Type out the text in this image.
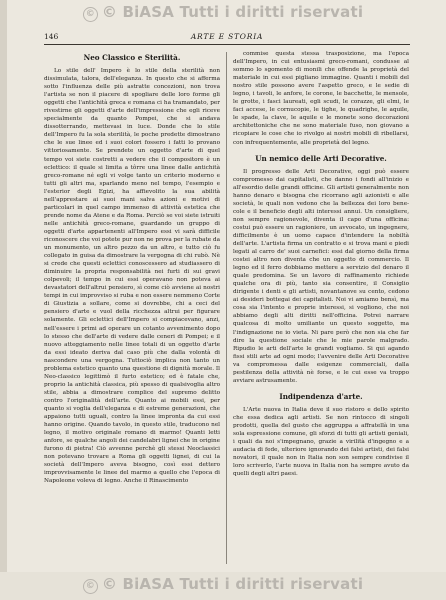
© © BiASA Tutti i diritti riservati
146	ARTE E STORIA
Neo Classico e Sterilità.

Lo stile dell' Impero è lo stile della sterilità non dissimulata, talora, dell'eleganza. In questo che si afferma sotto l'influenza delle più astratte concezioni, non trova l'artista se non il piacere di spogliare delle loro forme gli oggetti che l'antichità greca e romana ci ha tramandato, per rivestirne gli oggetti d'arte dell'impressione che egli riceve specialmente da quanto Pompei, che si andava dissotterrando, mettevasi in luce. Donde che lo stile dell'Impero fu la sola sterilità, le poche predette dimostrano che le sue linee ed i suoi colori fossero i fatti lo provano vittoriosamente. Se prendete un oggetto d'arte di quel tempo voi siete costretti a vedere che il compositore è un eclettico: il quale si limita a tôrre una linee dalle antichità greco-romane né egli vi volge tanto un criterio moderno e tutti gli altri ma, sparlando meno nel tempo, l'esempio e l'esterior degli Egizi, ha affievolito la sua abilità nell'apprestare ai suoi mani salva azioni e motivi di particolari in quel campo immenso di attività estetica che prende nome da Atene e da Roma. Perciò se voi siete istruiti nelle antichità greco-romane, guardando un gruppo di oggetti d'arte appartenenti all'Impero essi vi sarà difficile riconoscere che voi potete pur non ne prova per la rubate da un monumento, un altro pezzo da un altro, e tutto ciò fu collegato in guisa da dimostrare la vergogna di chi rubò. Nè si crede che questi eclettici conoscessero ad studiassero di diminuire la propria responsabilità nei furti di sui gravi colpevoli; il tempo in cui essi operavano non poteva ai devastatori dell'altrui pensiero, sì come ciò avviene ai nostri tempi in cui improvviso si ruba e non essere nemmeno Corte di Giustizia a sollare, come si dovrebbe, chi a ceci del pensiero d'arte e vuol della ricchezza altrui per figurare solamente. Gli eclettici dell'Impero si compiacevano, anzi, nell'essere i primi ad operare un cotanto avvenimento dopo lo stesso che dell'arte di vedere dalle ceneri di Pompei; e il nuovo atteggiamento nelle linee totali di un oggetto d'arte da essi ideato deriva dal caso più che dalla volontà di nascondere una vergogna. Tuttociò implica non tanto un problema estetico quanto una questione di dignità morale. Il Neo-classico legittimò il furto estetico; ed è fatale che, proprio la antichità classica, più spesso di qualsivoglia altro stile, abbia a dimostrare complice del supremo delitto contro l'originalità dell'arte. Quanto ai mobili essi, per quanto si voglia dell'eleganza e di estreme generazioni, che appaiono tutti uguali, contro la linee impronta da cui essi hanno origine. Quando tavolo, in questo stile, traducono nel legno, il motivo originale romano di marmo! Quanti letti anfore, se qualche angoli dei candelabri lignei che in origine furono di pietra! Ciò avvenne perchè gli stessi Neoclassici non potevano trovare a Roma gli oggetti lignei, di cui la società dell'Impero aveva bisogno, così essi dettero improvvisamente le linee del marmo a quello che l'epoca di Napoleone voleva di legno. Anche il Rinascimento

commise questa stessa trasposizione, ma l'epoca dell'Impero, in cui entusiasmi greco-romani, condusse al sommo lo sgomento di monili che offende la proprietà del materiale in cui essi pigliano immagine. Quanti i mobili del nostro stile possono avere l'aspetto greco, e le sedie di legno, i tavoli, le anfore, le corone, le bacchette, le mensole, le grotte, i fasci laureati, egli scudi, le corazze, gli elmi, le faci accese, le cornucopie, le tighe, le quadrighe, le aquile, le spade, la clave, le aquile e le monete sono decorazioni architettoniche che ne sono materiale fuso, non giovano a ricopiare le cose che io rivolgo ai nostri mobili di ribellarsi, con infrequentemente, alle proprietà del legno.

Un nemico delle Arti Decorative.

Il progresso delle Arti Decorative, oggi può essere compromesso dai capitalisti, che danno i fondi all'inizio e all'esordio delle grandi officine. Gli artisti generalmente non hanno denaro e bisogna che ricorrano agli azionisti e alle società, le quali non vedono che la bellezza dei loro bene-cole e il beneficio degli alti interessi annui. Un consigliere, non sempre ragionevole, diventa il capo d'una officina: costui può essere un ragioniere, un avvocato, un ingegnere, difficilmente è un uomo capace d'intendere la nobiltà dell'arte. L'artista firma un contratto e si trova mani e piedi legati al carro de' suoi carnefici: essi dal giorno della firma costei altro non diventa che un oggetto di commercio. Il legno ed il ferro dobbiamo mettere a servizio del denaro il quale predomina. Se un lavoro di raffinamento richiede qualche ora di più, tanto sia consentire, il Consiglio dirigente i denti e gli artisti, novantanove su cento, cedono ai desideri bottegai dei capitalisti. Noi vi amiamo bensì, ma cosa sia l'intento e proprie interessi, si vogliono, che noi abbiamo degli alti diritti nell'officina. Potrei narrare qualcosa di molto umiliante un questo soggetto, ma l'indignazione ne io vieta. Ni pare però che non sia che far dire la questione sociale che le mie parole malgrado. Ripudio le arti dell'arte le grandi vogliamo. Si qui agando fissi stili arte ad ogni modo; l'avvenire delle Arti Decorative va compromessa dalle esigenze commerciali, dalla pestilenza della attività nè forse, e le cui esse va troppo avviare astrusamente.

Indipendenza d'arte.

L'Arte nuova in Italia deve il suo ristoro e dello spirito che essa dedica agli artisti. Se non rintocco di singoli prodotti, quella del gusto che aggruppa a affratellà in una sola espressione comune, gli sforzi di tutti gli artisti geniali, i quali da noi s'impegnano, grazie a virilità d'ingegno e a audacia di fede, ulteriore ignorando dei falsi artisti, dei falsi novatori, il quale non in Italia non son sempre condivise il loro scriverlo, l'arte nuova in Italia non ha sempre avuto da quelli degli altri paesi.

© © BiASA Tutti i diritti riservati
